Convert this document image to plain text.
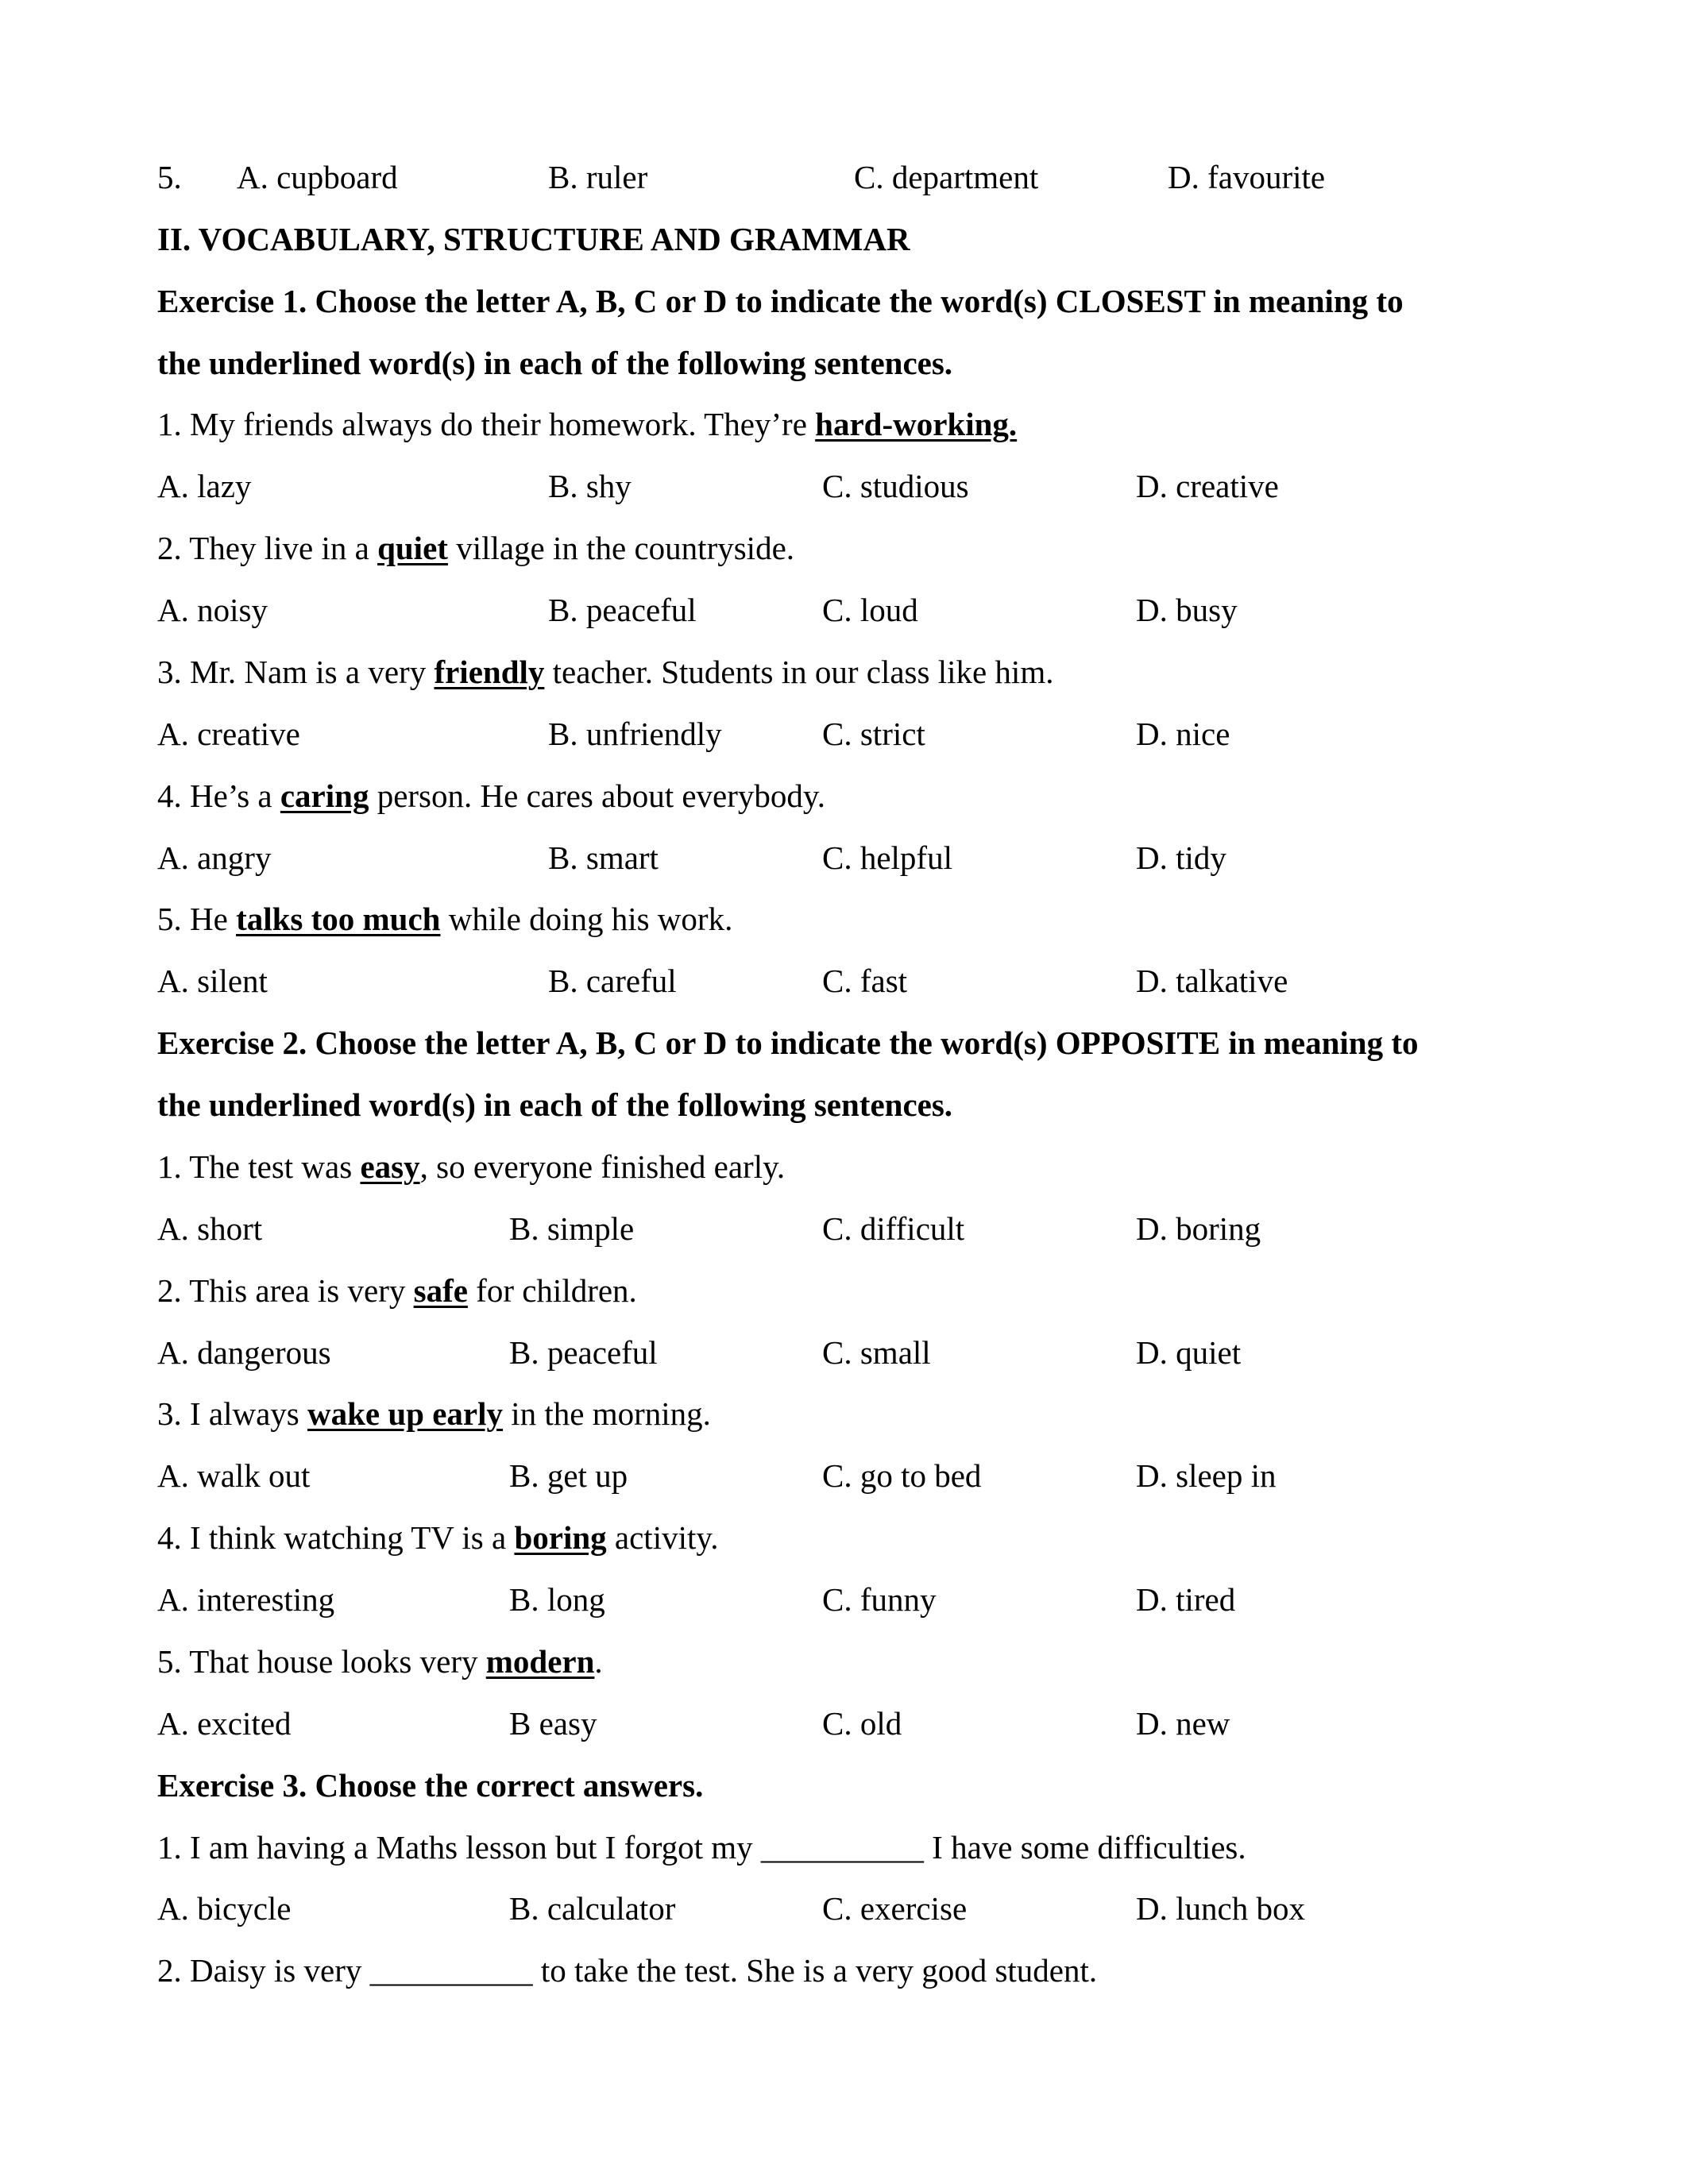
5. A. cupboard	B. ruler	C. department	D. favourite
II. VOCABULARY, STRUCTURE AND GRAMMAR
Exercise 1. Choose the letter A, B, C or D to indicate the word(s) CLOSEST in meaning to
the underlined word(s) in each of the following sentences.
1. My friends always do their homework. They’re hard-working.
A. lazy	B. shy	C. studious	D. creative
2. They live in a quiet village in the countryside.
A. noisy	B. peaceful	C. loud	D. busy
3. Mr. Nam is a very friendly teacher. Students in our class like him.
A. creative	B. unfriendly	C. strict	D. nice
4. He’s a caring person. He cares about everybody.
A. angry	B. smart	C. helpful	D. tidy
5. He talks too much while doing his work.
A. silent	B. careful	C. fast	D. talkative
Exercise 2. Choose the letter A, B, C or D to indicate the word(s) OPPOSITE in meaning to
the underlined word(s) in each of the following sentences.
1. The test was easy, so everyone finished early.
A. short	B. simple	C. difficult	D. boring
2. This area is very safe for children.
A. dangerous	B. peaceful	C. small	D. quiet
3. I always wake up early in the morning.
A. walk out	B. get up	C. go to bed	D. sleep in
4. I think watching TV is a boring activity.
A. interesting	B. long	C. funny	D. tired
5. That house looks very modern.
A. excited	B easy	C. old	D. new
Exercise 3. Choose the correct answers.
1. I am having a Maths lesson but I forgot my __________ I have some difficulties.
A. bicycle	B. calculator	C. exercise	D. lunch box
2. Daisy is very __________ to take the test. She is a very good student.
